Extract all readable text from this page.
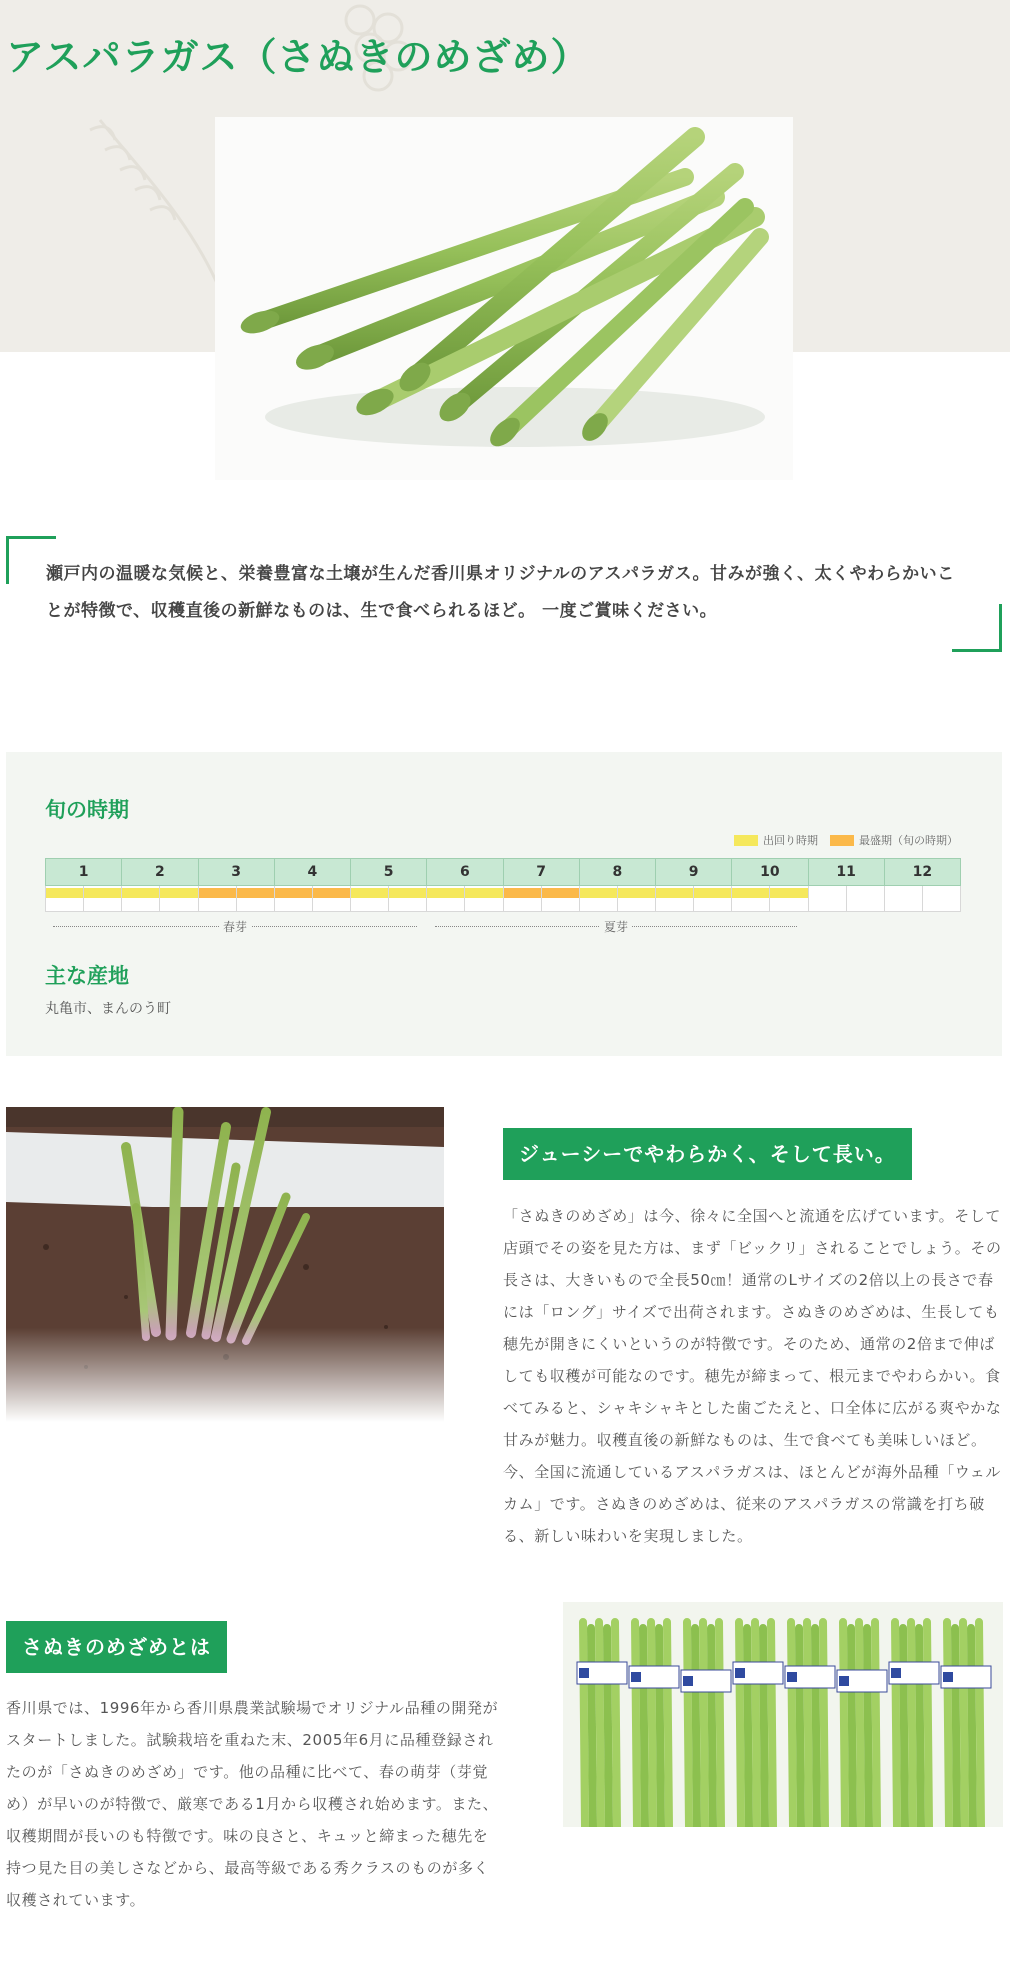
アスパラガス（さぬきのめざめ）

瀬戸内の温暖な気候と、栄養豊富な土壌が生んだ香川県オリジナルのアスパラガス。甘みが強く、太くやわらかいことが特徴で、収穫直後の新鮮なものは、生で食べられるほど。 一度ご賞味ください。

旬の時期
出回り時期	最盛期（旬の時期）
1	2	3	4	5	6	7	8	9	10	11	12
春芽	夏芽
主な産地

丸亀市、まんのう町

ジューシーでやわらかく、そして長い。

「さぬきのめざめ」は今、徐々に全国へと流通を広げています。そして店頭でその姿を見た方は、まず「ビックリ」されることでしょう。その長さは、大きいもので全長50㎝！通常のLサイズの2倍以上の長さで春には「ロング」サイズで出荷されます。さぬきのめざめは、生長しても穂先が開きにくいというのが特徴です。そのため、通常の2倍まで伸ばしても収穫が可能なのです。穂先が締まって、根元までやわらかい。食べてみると、シャキシャキとした歯ごたえと、口全体に広がる爽やかな甘みが魅力。収穫直後の新鮮なものは、生で食べても美味しいほど。今、全国に流通しているアスパラガスは、ほとんどが海外品種「ウェルカム」です。さぬきのめざめは、従来のアスパラガスの常識を打ち破る、新しい味わいを実現しました。

さぬきのめざめとは

香川県では、1996年から香川県農業試験場でオリジナル品種の開発がスタートしました。試験栽培を重ねた末、2005年6月に品種登録されたのが「さぬきのめざめ」です。他の品種に比べて、春の萌芽（芽覚め）が早いのが特徴で、厳寒である1月から収穫され始めます。また、収穫期間が長いのも特徴です。味の良さと、キュッと締まった穂先を持つ見た目の美しさなどから、最高等級である秀クラスのものが多く収穫されています。
